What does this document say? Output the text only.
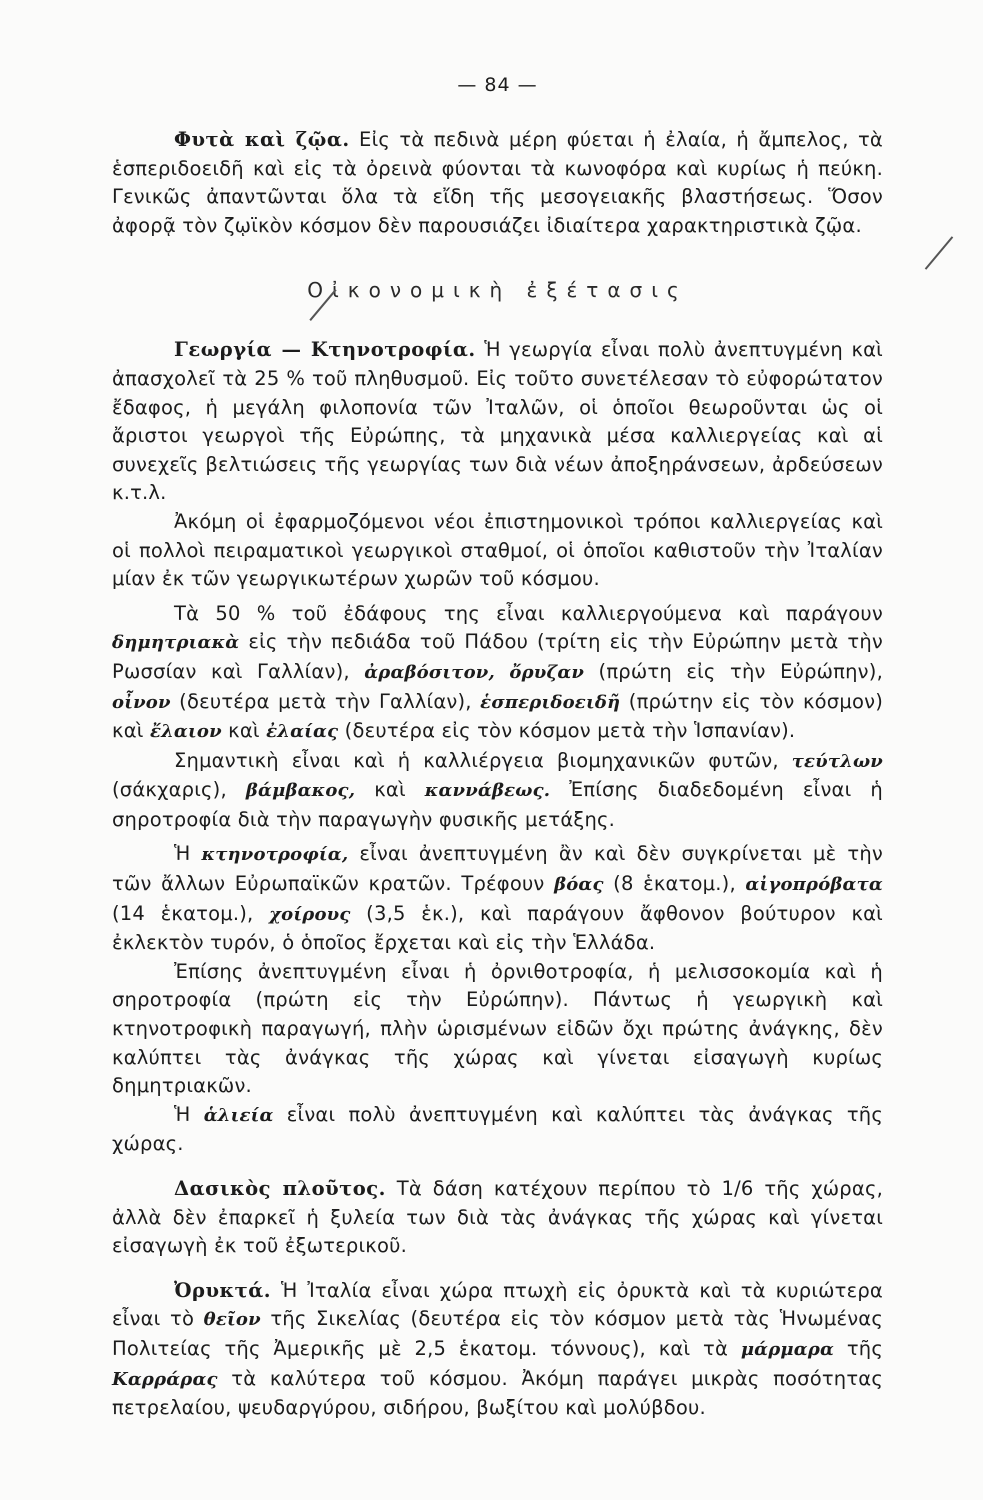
— 84 —

Φυτὰ καὶ ζῷα. Εἰς τὰ πεδινὰ μέρη φύεται ἡ ἐλαία, ἡ ἄμπελος, τὰ ἑσπεριδοειδῆ καὶ εἰς τὰ ὀρεινὰ φύονται τὰ κωνοφόρα καὶ κυρίως ἡ πεύκη. Γενικῶς ἀπαντῶνται ὅλα τὰ εἴδη τῆς μεσογειακῆς βλαστήσεως. Ὅσον ἀφορᾷ τὸν ζῳϊκὸν κόσμον δὲν παρουσιάζει ἰδιαίτερα χαρακτηριστικὰ ζῷα.

Οἰκονομικὴ ἐξέτασις

Γεωργία — Κτηνοτροφία. Ἡ γεωργία εἶναι πολὺ ἀνεπτυγμένη καὶ ἀπασχολεῖ τὰ 25 % τοῦ πληθυσμοῦ. Εἰς τοῦτο συνετέλεσαν τὸ εὐφορώτατον ἔδαφος, ἡ μεγάλη φιλοπονία τῶν Ἰταλῶν, οἱ ὁποῖοι θεωροῦνται ὡς οἱ ἄριστοι γεωργοὶ τῆς Εὐρώπης, τὰ μηχανικὰ μέσα καλλιεργείας καὶ αἱ συνεχεῖς βελτιώσεις τῆς γεωργίας των διὰ νέων ἀποξηράνσεων, ἀρδεύσεων κ.τ.λ.

Ἀκόμη οἱ ἐφαρμοζόμενοι νέοι ἐπιστημονικοὶ τρόποι καλλιεργείας καὶ οἱ πολλοὶ πειραματικοὶ γεωργικοὶ σταθμοί, οἱ ὁποῖοι καθιστοῦν τὴν Ἰταλίαν μίαν ἐκ τῶν γεωργικωτέρων χωρῶν τοῦ κόσμου.

Τὰ 50 % τοῦ ἐδάφους της εἶναι καλλιεργούμενα καὶ παράγουν δημητριακὰ εἰς τὴν πεδιάδα τοῦ Πάδου (τρίτη εἰς τὴν Εὐρώπην μετὰ τὴν Ρωσσίαν καὶ Γαλλίαν), ἀραβόσιτον, ὄρυζαν (πρώτη εἰς τὴν Εὐρώπην), οἶνον (δευτέρα μετὰ τὴν Γαλλίαν), ἑσπεριδοειδῆ (πρώτην εἰς τὸν κόσμον) καὶ ἔλαιον καὶ ἐλαίας (δευτέρα εἰς τὸν κόσμον μετὰ τὴν Ἱσπανίαν).

Σημαντικὴ εἶναι καὶ ἡ καλλιέργεια βιομηχανικῶν φυτῶν, τεύτλων (σάκχαρις), βάμβακος, καὶ καννάβεως. Ἐπίσης διαδεδομένη εἶναι ἡ σηροτροφία διὰ τὴν παραγωγὴν φυσικῆς μετάξης.

Ἡ κτηνοτροφία, εἶναι ἀνεπτυγμένη ἂν καὶ δὲν συγκρίνεται μὲ τὴν τῶν ἄλλων Εὐρωπαϊκῶν κρατῶν. Τρέφουν βόας (8 ἑκατομ.), αἰγοπρόβατα (14 ἑκατομ.), χοίρους (3,5 ἑκ.), καὶ παράγουν ἄφθονον βούτυρον καὶ ἐκλεκτὸν τυρόν, ὁ ὁποῖος ἔρχεται καὶ εἰς τὴν Ἑλλάδα.

Ἐπίσης ἀνεπτυγμένη εἶναι ἡ ὀρνιθοτροφία, ἡ μελισσοκομία καὶ ἡ σηροτροφία (πρώτη εἰς τὴν Εὐρώπην). Πάντως ἡ γεωργικὴ καὶ κτηνοτροφικὴ παραγωγή, πλὴν ὡρισμένων εἰδῶν ὄχι πρώτης ἀνάγκης, δὲν καλύπτει τὰς ἀνάγκας τῆς χώρας καὶ γίνεται εἰσαγωγὴ κυρίως δημητριακῶν.

Ἡ ἁλιεία εἶναι πολὺ ἀνεπτυγμένη καὶ καλύπτει τὰς ἀνάγκας τῆς χώρας.

Δασικὸς πλοῦτος. Τὰ δάση κατέχουν περίπου τὸ 1/6 τῆς χώρας, ἀλλὰ δὲν ἐπαρκεῖ ἡ ξυλεία των διὰ τὰς ἀνάγκας τῆς χώρας καὶ γίνεται εἰσαγωγὴ ἐκ τοῦ ἐξωτερικοῦ.

Ὀρυκτά. Ἡ Ἰταλία εἶναι χώρα πτωχὴ εἰς ὀρυκτὰ καὶ τὰ κυριώτερα εἶναι τὸ θεῖον τῆς Σικελίας (δευτέρα εἰς τὸν κόσμον μετὰ τὰς Ἡνωμένας Πολιτείας τῆς Ἀμερικῆς μὲ 2,5 ἑκατομ. τόννους), καὶ τὰ μάρμαρα τῆς Καρράρας τὰ καλύτερα τοῦ κόσμου. Ἀκόμη παράγει μικρὰς ποσότητας πετρελαίου, ψευδαργύρου, σιδήρου, βωξίτου καὶ μολύβδου.
